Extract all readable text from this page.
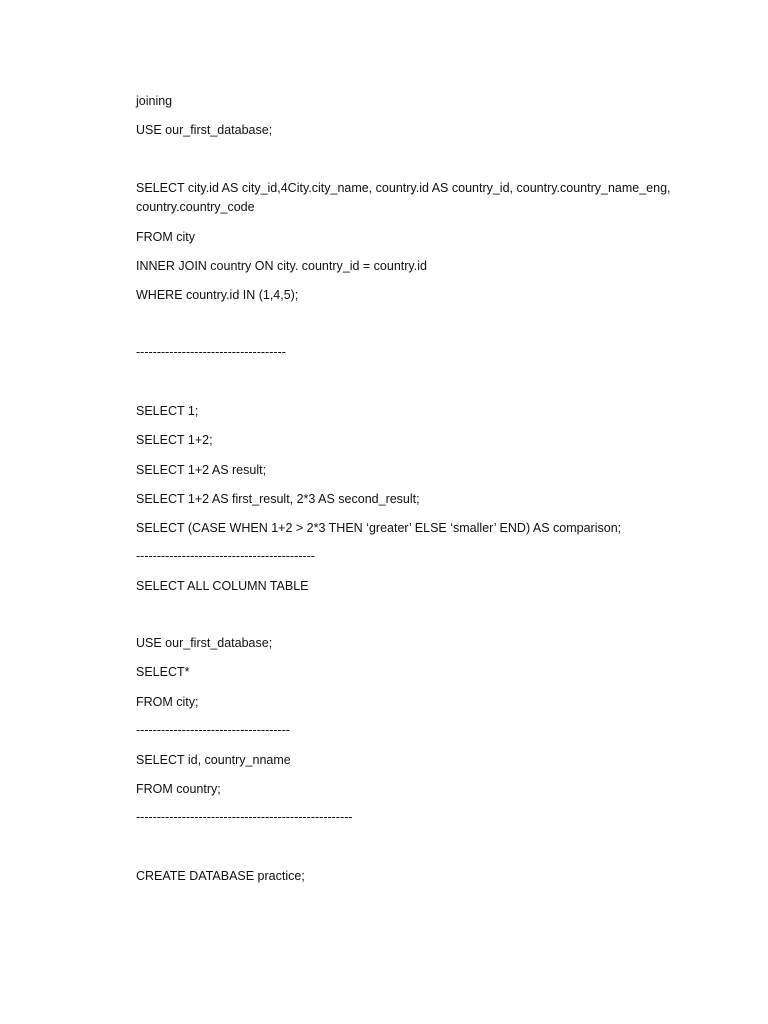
joining
USE our_first_database;
SELECT city.id AS city_id,4City.city_name, country.id AS country_id, country.country_name_eng, country.country_code
FROM city
INNER JOIN country ON city. country_id = country.id
WHERE country.id IN (1,4,5);
------------------------------------
SELECT 1;
SELECT 1+2;
SELECT 1+2 AS result;
SELECT 1+2 AS first_result, 2*3 AS second_result;
SELECT (CASE WHEN 1+2 > 2*3 THEN ‘greater’ ELSE ‘smaller’ END) AS comparison;
-------------------------------------------
SELECT ALL COLUMN TABLE
USE our_first_database;
SELECT*
FROM city;
-------------------------------------
SELECT id, country_nname
FROM country;
----------------------------------------------------
CREATE DATABASE practice;
